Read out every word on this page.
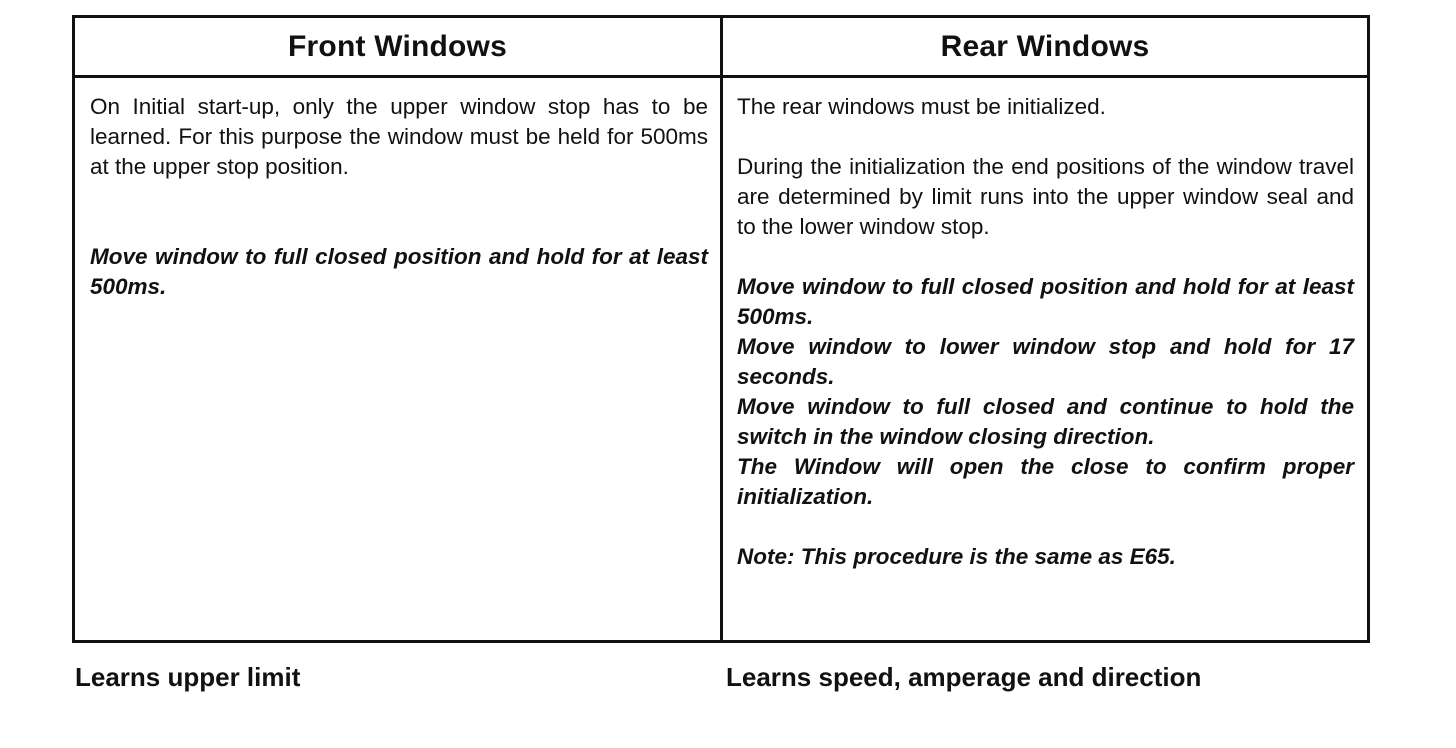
Front Windows	Rear Windows

On Initial start-up, only the upper window stop has to be learned. For this purpose the window must be held for 500ms at the upper stop position.

Move window to full closed position and hold for at least 500ms.

The rear windows must be initialized.

During the initialization the end positions of the window travel are determined by limit runs into the upper window seal and to the lower window stop.

Move window to full closed position and hold for at least 500ms.

Move window to lower window stop and hold for 17 seconds.

Move window to full closed and continue to hold the switch in the window closing direction.

The Window will open the close to confirm proper initialization.

Note: This procedure is the same as E65.

Learns upper limit	Learns speed, amperage and direction
